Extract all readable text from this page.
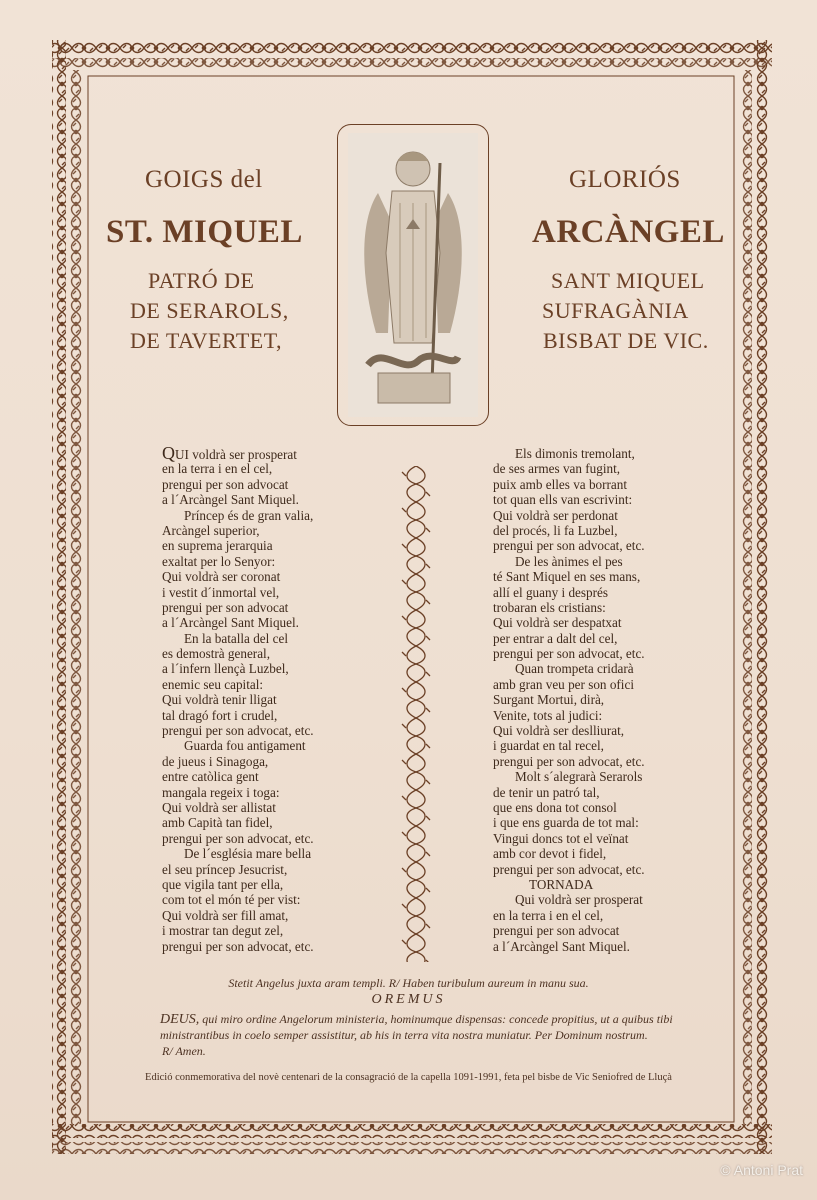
GOIGS del	GLORIÓS
ST. MIQUEL	ARCÀNGEL
PATRÓ DE
DE SERAROLS,
DE TAVERTET,
SANT MIQUEL
SUFRAGÀNIA
BISBAT DE VIC.
QUI voldrà ser prosperat
en la terra i en el cel,
prengui per son advocat
a l´Arcàngel Sant Miquel.
Príncep és de gran valia,
Arcàngel superior,
en suprema jerarquia
exaltat per lo Senyor:
Qui voldrà ser coronat
i vestit d´inmortal vel,
prengui per son advocat
a l´Arcàngel Sant Miquel.
En la batalla del cel
es demostrà general,
a l´infern llençà Luzbel,
enemic seu capital:
Qui voldrà tenir lligat
tal dragó fort i crudel,
prengui per son advocat, etc.
Guarda fou antigament
de jueus i Sinagoga,
entre catòlica gent
mangala regeix i toga:
Qui voldrà ser allistat
amb Capità tan fidel,
prengui per son advocat, etc.
De l´església mare bella
el seu príncep Jesucrist,
que vigila tant per ella,
com tot el món té per vist:
Qui voldrà ser fill amat,
i mostrar tan degut zel,
prengui per son advocat, etc.
Els dimonis tremolant,
de ses armes van fugint,
puix amb elles va borrant
tot quan ells van escrivint:
Qui voldrà ser perdonat
del procés, li fa Luzbel,
prengui per son advocat, etc.
De les ànimes el pes
té Sant Miquel en ses mans,
allí el guany i després
trobaran els cristians:
Qui voldrà ser despatxat
per entrar a dalt del cel,
prengui per son advocat, etc.
Quan trompeta cridarà
amb gran veu per son ofici
Surgant Mortui, dirà,
Venite, tots al judici:
Qui voldrà ser deslliurat,
i guardat en tal recel,
prengui per son advocat, etc.
Molt s´alegrarà Serarols
de tenir un patró tal,
que ens dona tot consol
i que ens guarda de tot mal:
Vingui doncs tot el veïnat
amb cor devot i fidel,
prengui per son advocat, etc.
TORNADA
Qui voldrà ser prosperat
en la terra i en el cel,
prengui per son advocat
a l´Arcàngel Sant Miquel.
Stetit Angelus juxta aram templi. R/ Haben turibulum aureum in manu sua.
OREMUS
DEUS, qui miro ordine Angelorum ministeria, hominumque dispensas: concede propitius, ut a quibus tibi ministrantibus in coelo semper assistitur, ab his in terra vita nostra muniatur. Per Dominum nostrum.
R/ Amen.
Edició conmemorativa del novè centenari de la consagració de la capella 1091-1991, feta pel bisbe de Vic Seniofred de Lluçà
© Antoni Prat
